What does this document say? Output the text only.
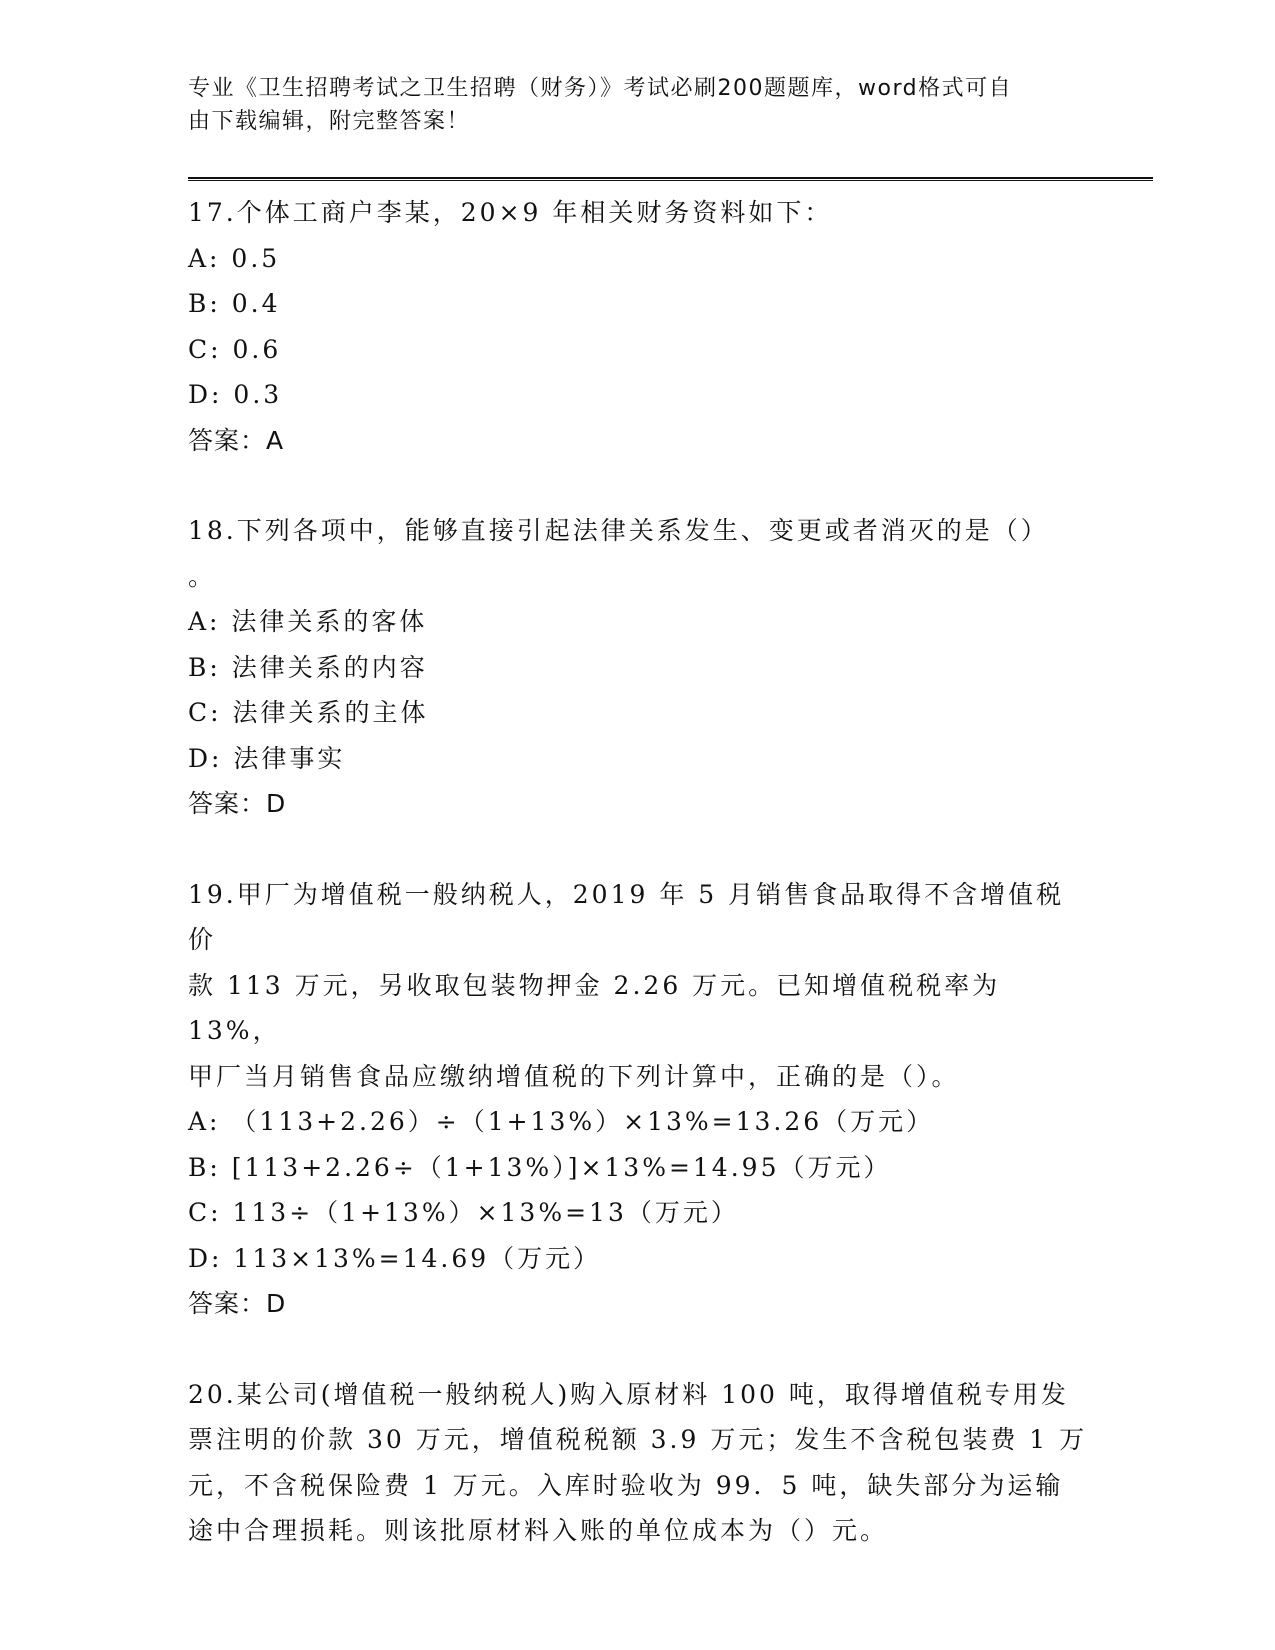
专业《卫生招聘考试之卫生招聘（财务）》考试必刷200题题库，word格式可自
由下载编辑，附完整答案！
17.个体工商户李某，20×9 年相关财务资料如下：
A: 0.5
B: 0.4
C: 0.6
D: 0.3
答案：A
18.下列各项中，能够直接引起法律关系发生、变更或者消灭的是（）
。
A: 法律关系的客体
B: 法律关系的内容
C: 法律关系的主体
D: 法律事实
答案：D
19.甲厂为增值税一般纳税人，2019 年 5 月销售食品取得不含增值税价
款 113 万元，另收取包装物押金 2.26 万元。已知增值税税率为 13%，
甲厂当月销售食品应缴纳增值税的下列计算中，正确的是（）。
A: （113+2.26）÷（1+13%）×13%=13.26（万元）
B: [113+2.26÷（1+13%）]×13%=14.95（万元）
C: 113÷（1+13%）×13%=13（万元）
D: 113×13%=14.69（万元）
答案：D
20.某公司(增值税一般纳税人)购入原材料 100 吨，取得增值税专用发
票注明的价款 30 万元，增值税税额 3.9 万元；发生不含税包装费 1 万
元，不含税保险费 1 万元。入库时验收为 99．5 吨，缺失部分为运输
途中合理损耗。则该批原材料入账的单位成本为（）元。
